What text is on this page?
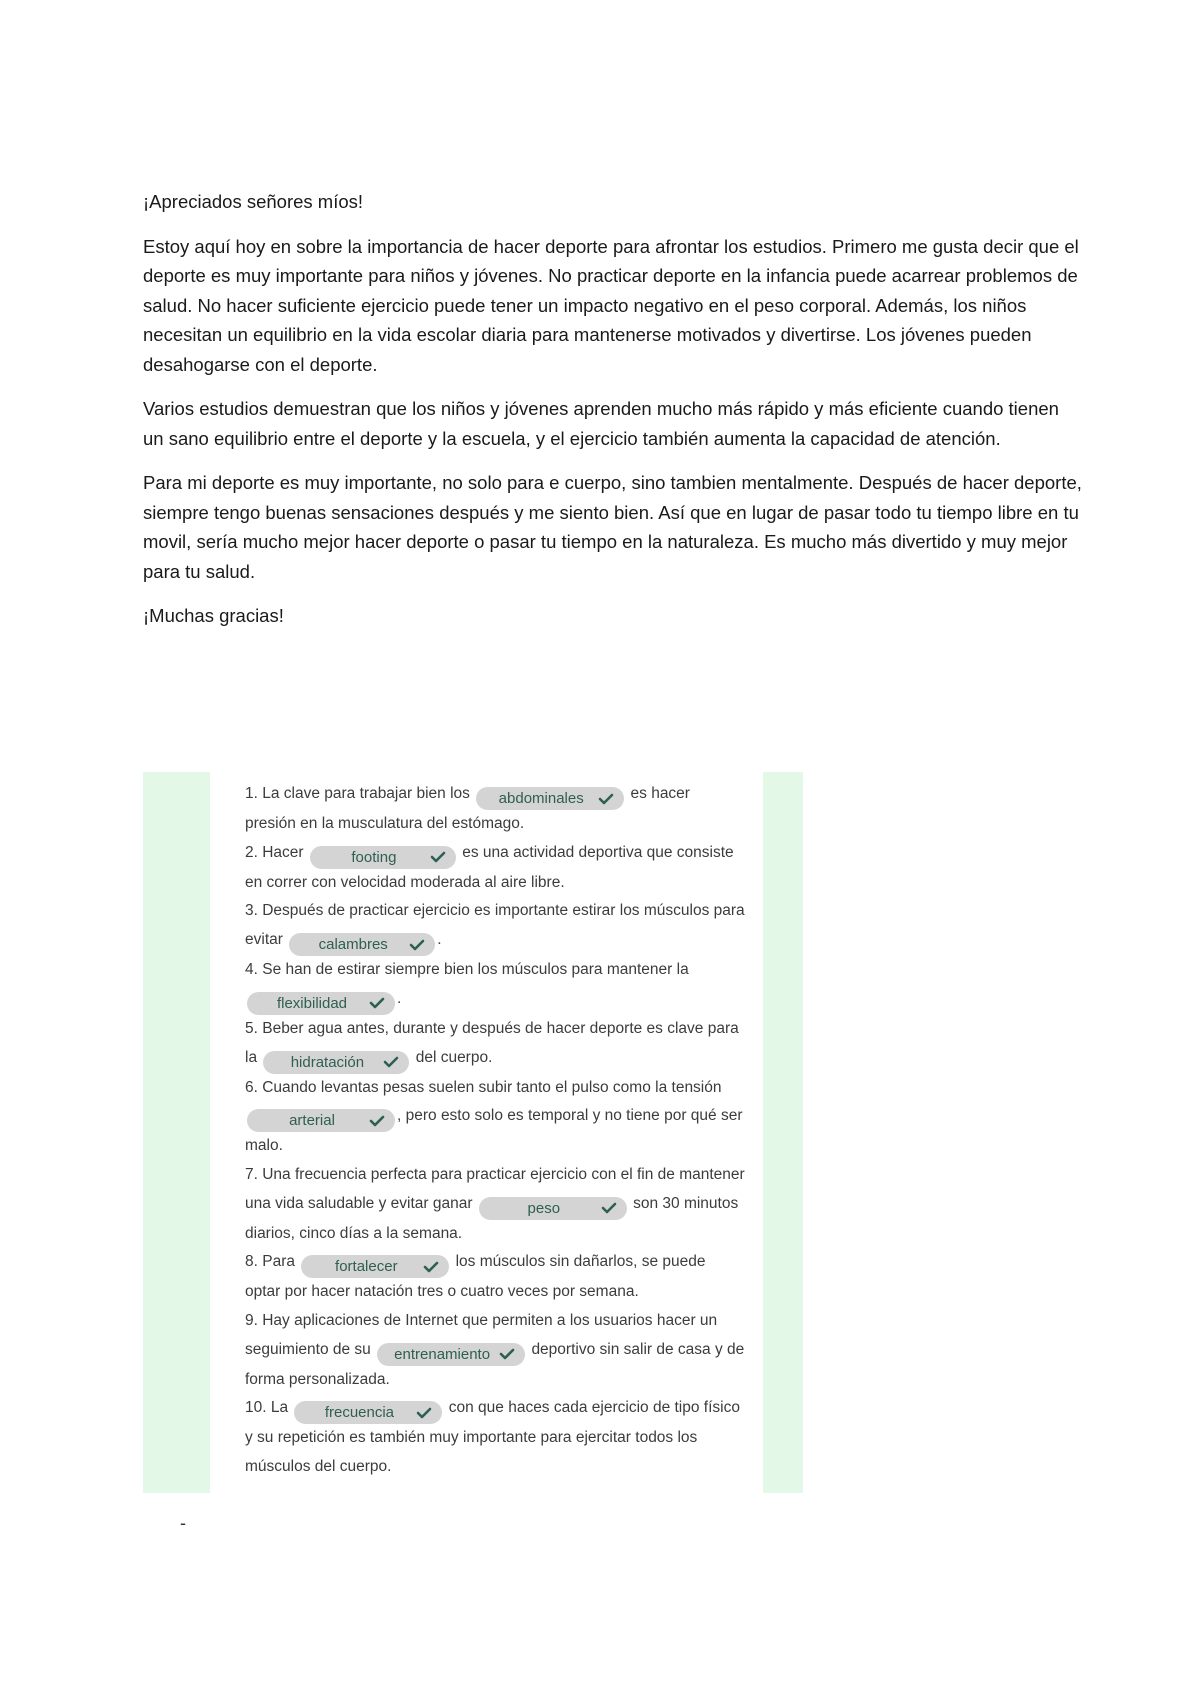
¡Apreciados señores míos!

Estoy aquí hoy en sobre la importancia de hacer deporte para afrontar los estudios. Primero me gusta decir que el deporte es muy importante para niños y jóvenes. No practicar deporte en la infancia puede acarrear problemos de salud. No hacer suficiente ejercicio puede tener un impacto negativo en el peso corporal. Además, los niños necesitan un equilibrio en la vida escolar diaria para mantenerse motivados y divertirse. Los jóvenes pueden desahogarse con el deporte.

Varios estudios demuestran que los niños y jóvenes aprenden mucho más rápido y más eficiente cuando tienen un sano equilibrio entre el deporte y la escuela, y el ejercicio también aumenta la capacidad de atención.

Para mi deporte es muy importante, no solo para e cuerpo, sino tambien mentalmente. Después de hacer deporte, siempre tengo buenas sensaciones después y me siento bien. Así que en lugar de pasar todo tu tiempo libre en tu movil, sería mucho mejor hacer deporte o pasar tu tiempo en la naturaleza. Es mucho más divertido y muy mejor para tu salud.

¡Muchas gracias!

1. La clave para trabajar bien los	abdominales	es hacer presión en la musculatura del estómago.

2. Hacer	footing	es una actividad deportiva que consiste en correr con velocidad moderada al aire libre.

3. Después de practicar ejercicio es importante estirar los músculos para evitar	calambres	.

4. Se han de estirar siempre bien los músculos para mantener la
flexibilidad	.

5. Beber agua antes, durante y después de hacer deporte es clave para la	hidratación	del cuerpo.

6. Cuando levantas pesas suelen subir tanto el pulso como la tensión
arterial	, pero esto solo es temporal y no tiene por qué ser malo.

7. Una frecuencia perfecta para practicar ejercicio con el fin de mantener una vida saludable y evitar ganar	peso	son 30 minutos diarios, cinco días a la semana.

8. Para	fortalecer	los músculos sin dañarlos, se puede optar por hacer natación tres o cuatro veces por semana.

9. Hay aplicaciones de Internet que permiten a los usuarios hacer un seguimiento de su entrenamiento	deportivo sin salir de casa y de forma personalizada.

10. La	frecuencia	con que haces cada ejercicio de tipo físico y su repetición es también muy importante para ejercitar todos los músculos del cuerpo.

-
